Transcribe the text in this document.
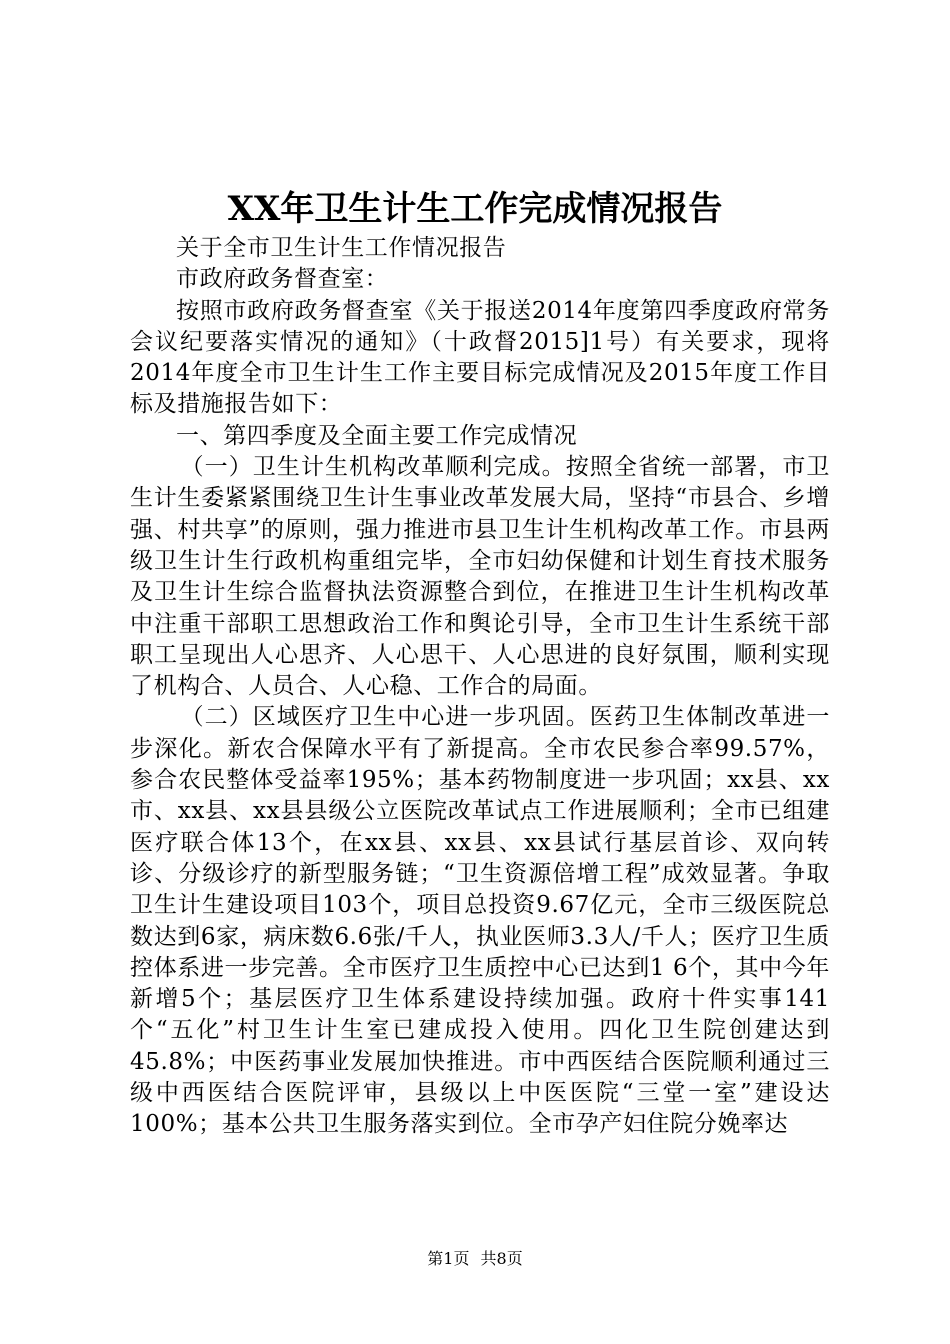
XX年卫生计生工作完成情况报告

关于全市卫生计生工作情况报告

市政府政务督查室：

按照市政府政务督查室《关于报送2014年度第四季度政府常务会议纪要落实情况的通知》（十政督2015]1号）有关要求，现将2014年度全市卫生计生工作主要目标完成情况及2015年度工作目标及措施报告如下：

一、第四季度及全面主要工作完成情况

（一）卫生计生机构改革顺利完成。按照全省统一部署，市卫生计生委紧紧围绕卫生计生事业改革发展大局，坚持“市县合、乡增强、村共享”的原则，强力推进市县卫生计生机构改革工作。市县两级卫生计生行政机构重组完毕，全市妇幼保健和计划生育技术服务及卫生计生综合监督执法资源整合到位，在推进卫生计生机构改革中注重干部职工思想政治工作和舆论引导，全市卫生计生系统干部职工呈现出人心思齐、人心思干、人心思进的良好氛围，顺利实现了机构合、人员合、人心稳、工作合的局面。

（二）区域医疗卫生中心进一步巩固。医药卫生体制改革进一步深化。新农合保障水平有了新提高。全市农民参合率99.57%，参合农民整体受益率195%；基本药物制度进一步巩固；xx县、xx市、xx县、xx县县级公立医院改革试点工作进展顺利；全市已组建医疗联合体13个，在xx县、xx县、xx县试行基层首诊、双向转诊、分级诊疗的新型服务链；“卫生资源倍增工程”成效显著。争取卫生计生建设项目103个，项目总投资9.67亿元，全市三级医院总数达到6家，病床数6.6张/千人，执业医师3.3人/千人；医疗卫生质控体系进一步完善。全市医疗卫生质控中心已达到1 6个，其中今年新增5个；基层医疗卫生体系建设持续加强。政府十件实事141个“五化”村卫生计生室已建成投入使用。四化卫生院创建达到45.8%；中医药事业发展加快推进。市中西医结合医院顺利通过三级中西医结合医院评审，县级以上中医医院“三堂一室”建设达100%；基本公共卫生服务落实到位。全市孕产妇住院分娩率达

第1页 共8页
